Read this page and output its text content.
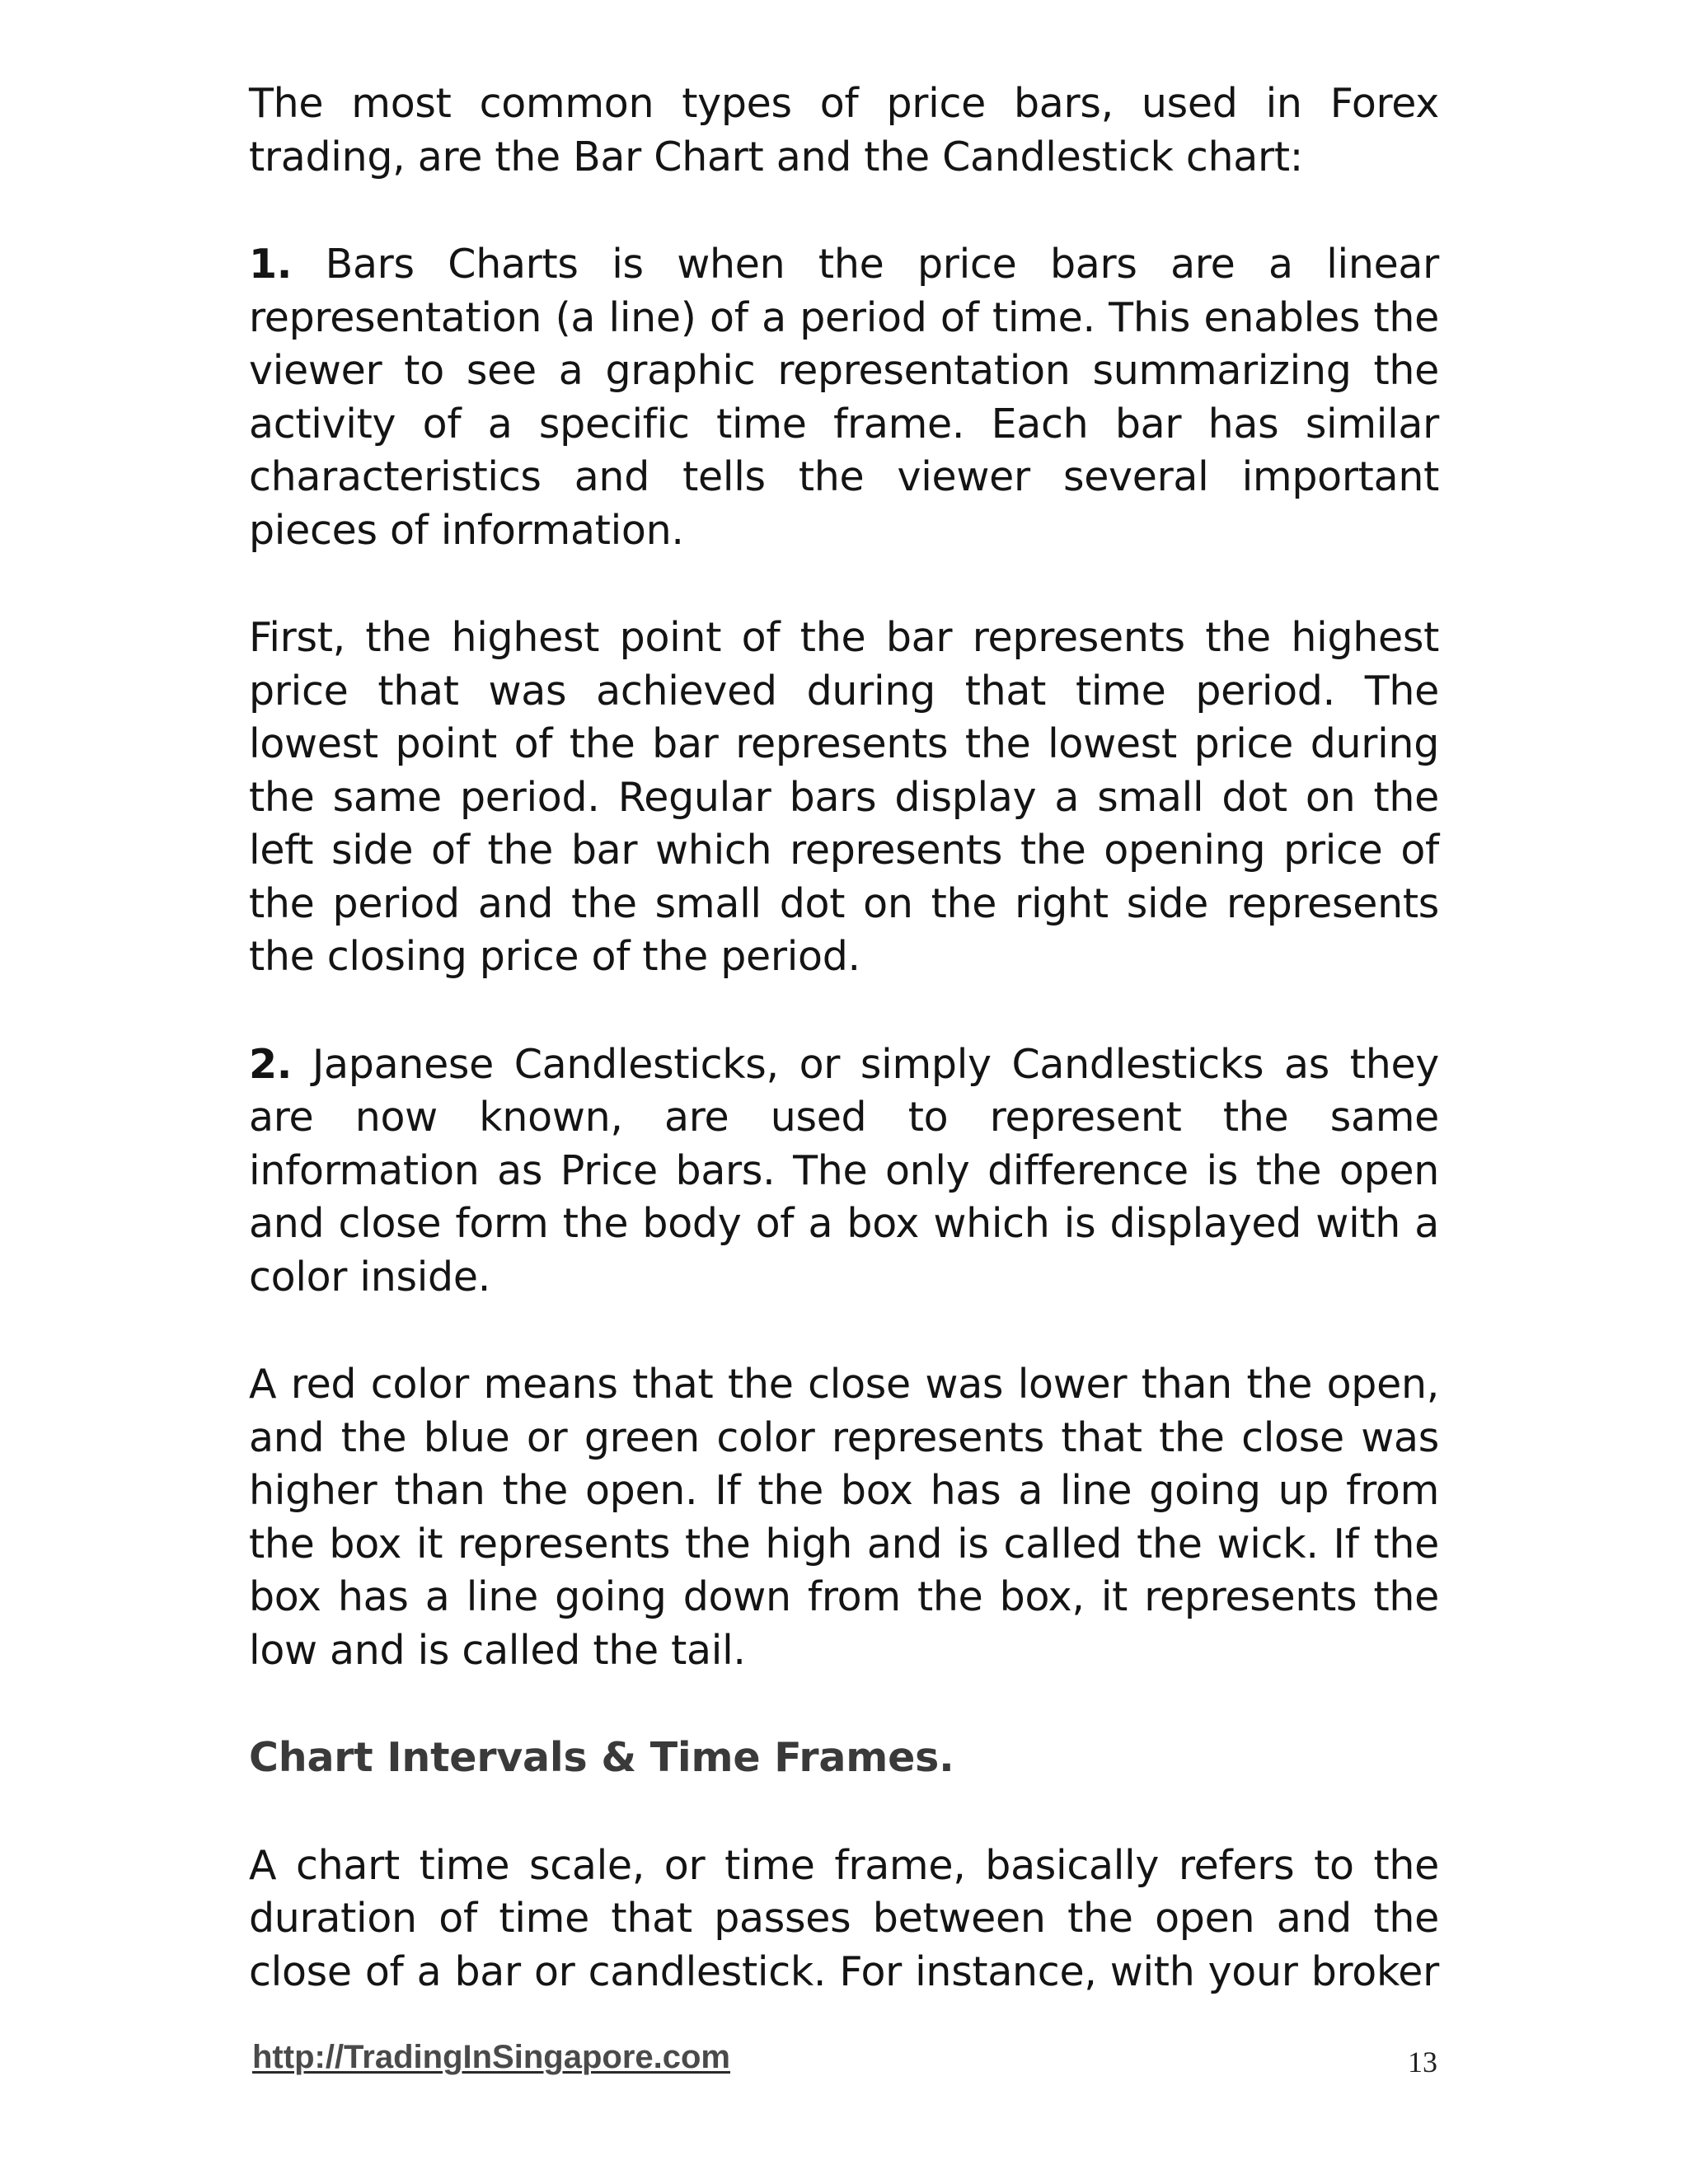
The most common types of price bars, used in Forex trading, are the Bar Chart and the Candlestick chart:

1. Bars Charts is when the price bars are a linear representation (a line) of a period of time. This enables the viewer to see a graphic representation summarizing the activity of a specific time frame. Each bar has similar characteristics and tells the viewer several important pieces of information.

First, the highest point of the bar represents the highest price that was achieved during that time period. The lowest point of the bar represents the lowest price during the same period. Regular bars display a small dot on the left side of the bar which represents the opening price of the period and the small dot on the right side represents the closing price of the period.

2. Japanese Candlesticks, or simply Candlesticks as they are now known, are used to represent the same information as Price bars. The only difference is the open and close form the body of a box which is displayed with a color inside.

A red color means that the close was lower than the open, and the blue or green color represents that the close was higher than the open. If the box has a line going up from the box it represents the high and is called the wick. If the box has a line going down from the box, it represents the low and is called the tail.

Chart Intervals & Time Frames.

A chart time scale, or time frame, basically refers to the duration of time that passes between the open and the close of a bar or candlestick. For instance, with your broker

http://TradingInSingapore.com	13
